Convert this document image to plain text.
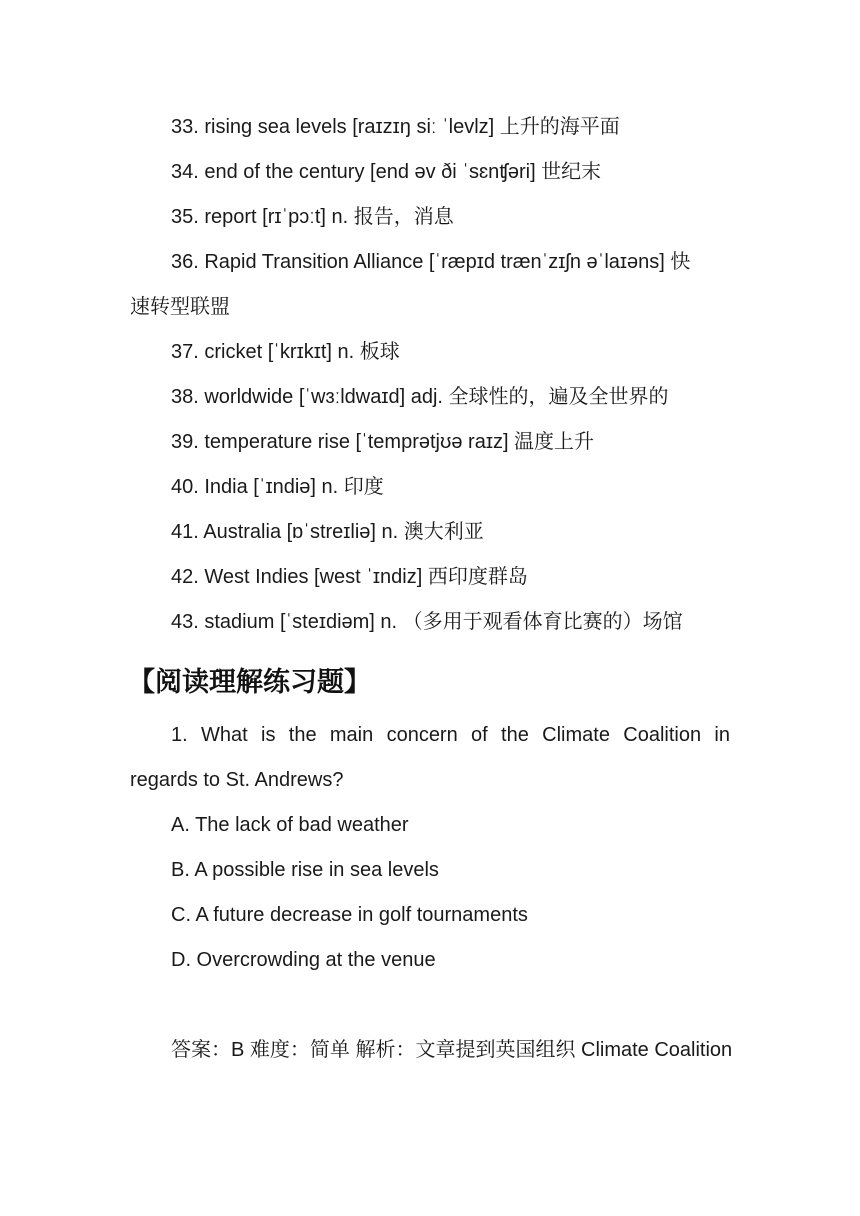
33. rising sea levels [raɪzɪŋ siː ˈlevlz] 上升的海平面
34. end of the century [end əv ði ˈsɛnʧəri] 世纪末
35. report [rɪˈpɔːt] n. 报告，消息
36. Rapid Transition Alliance [ˈræpɪd trænˈzɪʃn əˈlaɪəns] 快
速转型联盟
37. cricket [ˈkrɪkɪt] n. 板球
38. worldwide [ˈwɜːldwaɪd] adj. 全球性的，遍及全世界的
39. temperature rise [ˈtemprətjʊə raɪz] 温度上升
40. India [ˈɪndiə] n. 印度
41. Australia [ɒˈstreɪliə] n. 澳大利亚
42. West Indies [west ˈɪndiz] 西印度群岛
43. stadium [ˈsteɪdiəm] n. （多用于观看体育比赛的）场馆
【阅读理解练习题】
1. What is the main concern of the Climate Coalition in
regards to St. Andrews?
A. The lack of bad weather
B. A possible rise in sea levels
C. A future decrease in golf tournaments
D. Overcrowding at the venue
答案：B 难度：简单 解析：文章提到英国组织 Climate Coalition
